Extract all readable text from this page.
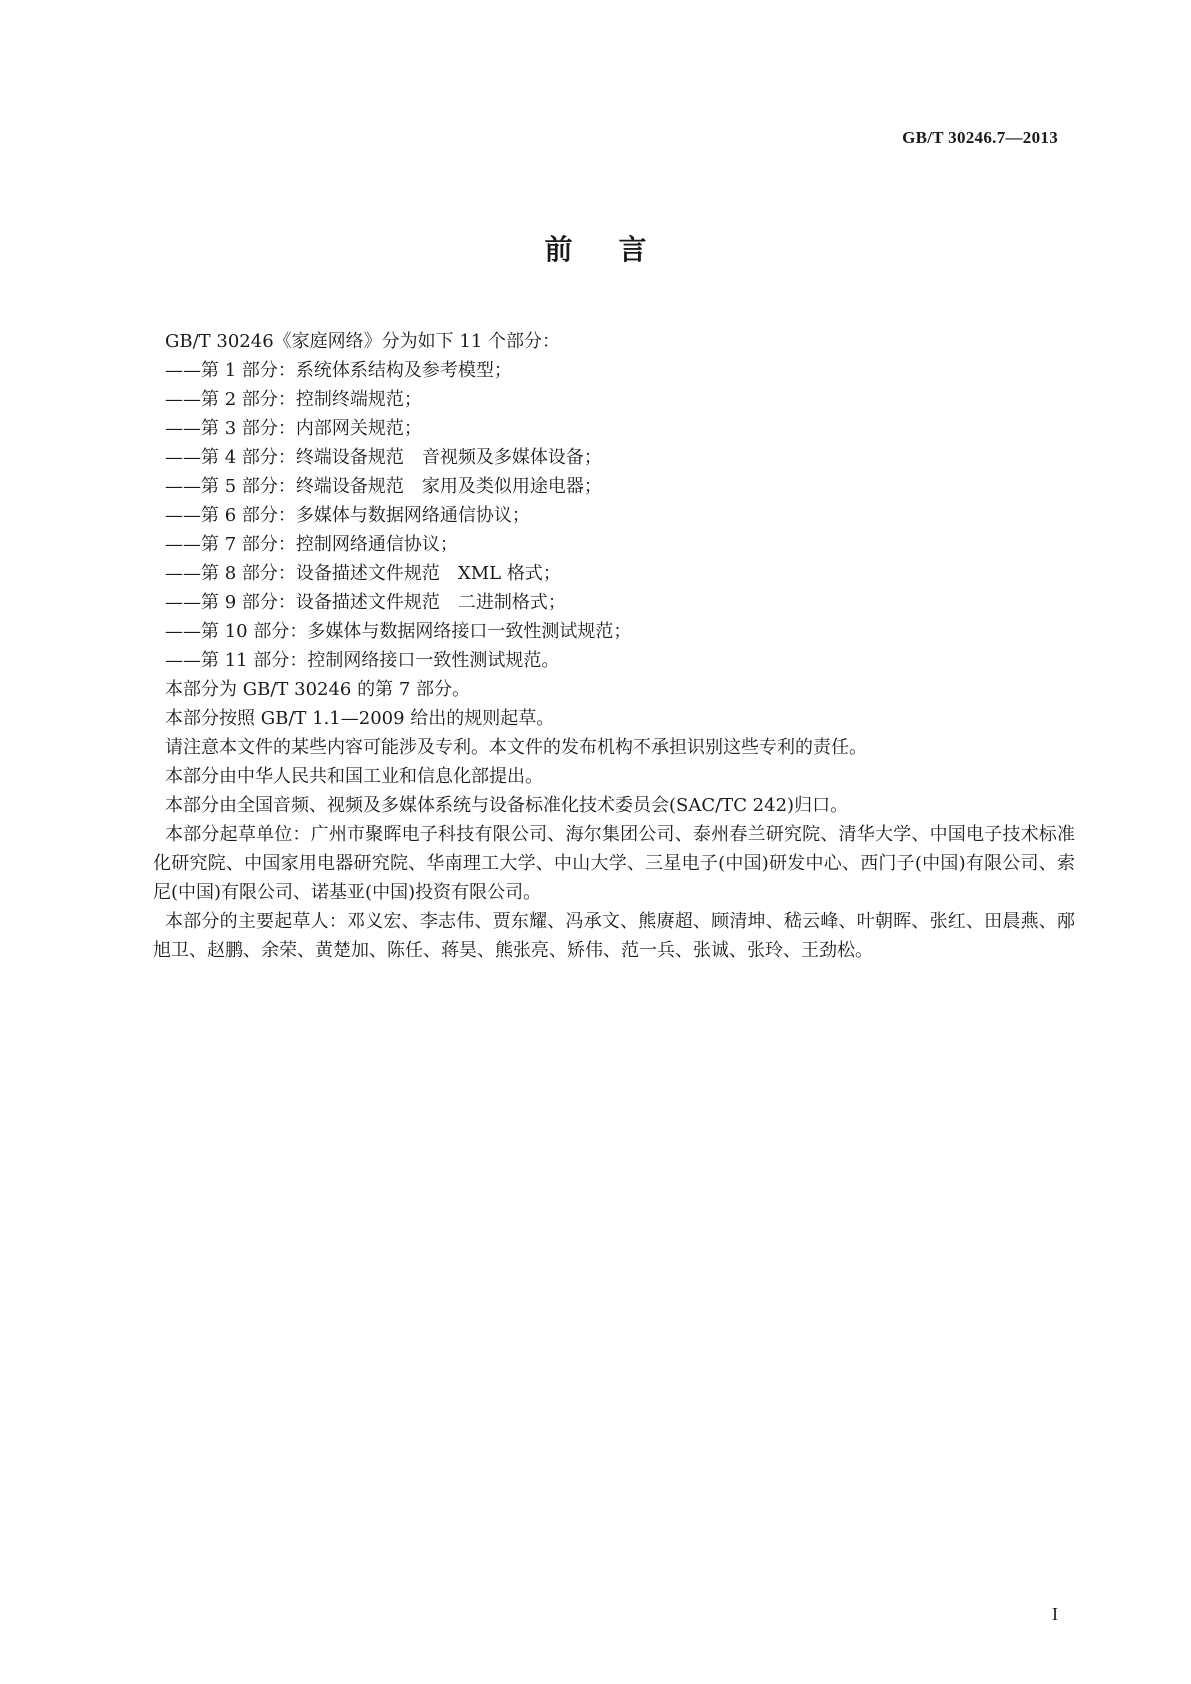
GB/T 30246.7—2013
前言
GB/T 30246《家庭网络》分为如下 11 个部分：
——第 1 部分：系统体系结构及参考模型；
——第 2 部分：控制终端规范；
——第 3 部分：内部网关规范；
——第 4 部分：终端设备规范　音视频及多媒体设备；
——第 5 部分：终端设备规范　家用及类似用途电器；
——第 6 部分：多媒体与数据网络通信协议；
——第 7 部分：控制网络通信协议；
——第 8 部分：设备描述文件规范　XML 格式；
——第 9 部分：设备描述文件规范　二进制格式；
——第 10 部分：多媒体与数据网络接口一致性测试规范；
——第 11 部分：控制网络接口一致性测试规范。
本部分为 GB/T 30246 的第 7 部分。
本部分按照 GB/T 1.1—2009 给出的规则起草。
请注意本文件的某些内容可能涉及专利。本文件的发布机构不承担识别这些专利的责任。
本部分由中华人民共和国工业和信息化部提出。
本部分由全国音频、视频及多媒体系统与设备标准化技术委员会(SAC/TC 242)归口。
本部分起草单位：广州市聚晖电子科技有限公司、海尔集团公司、泰州春兰研究院、清华大学、中国电子技术标准化研究院、中国家用电器研究院、华南理工大学、中山大学、三星电子(中国)研发中心、西门子(中国)有限公司、索尼(中国)有限公司、诺基亚(中国)投资有限公司。
本部分的主要起草人：邓义宏、李志伟、贾东耀、冯承文、熊赓超、顾清坤、嵇云峰、叶朝晖、张红、田晨燕、邴旭卫、赵鹏、余荣、黄楚加、陈任、蒋昊、熊张亮、矫伟、范一兵、张诚、张玲、王劲松。
I
